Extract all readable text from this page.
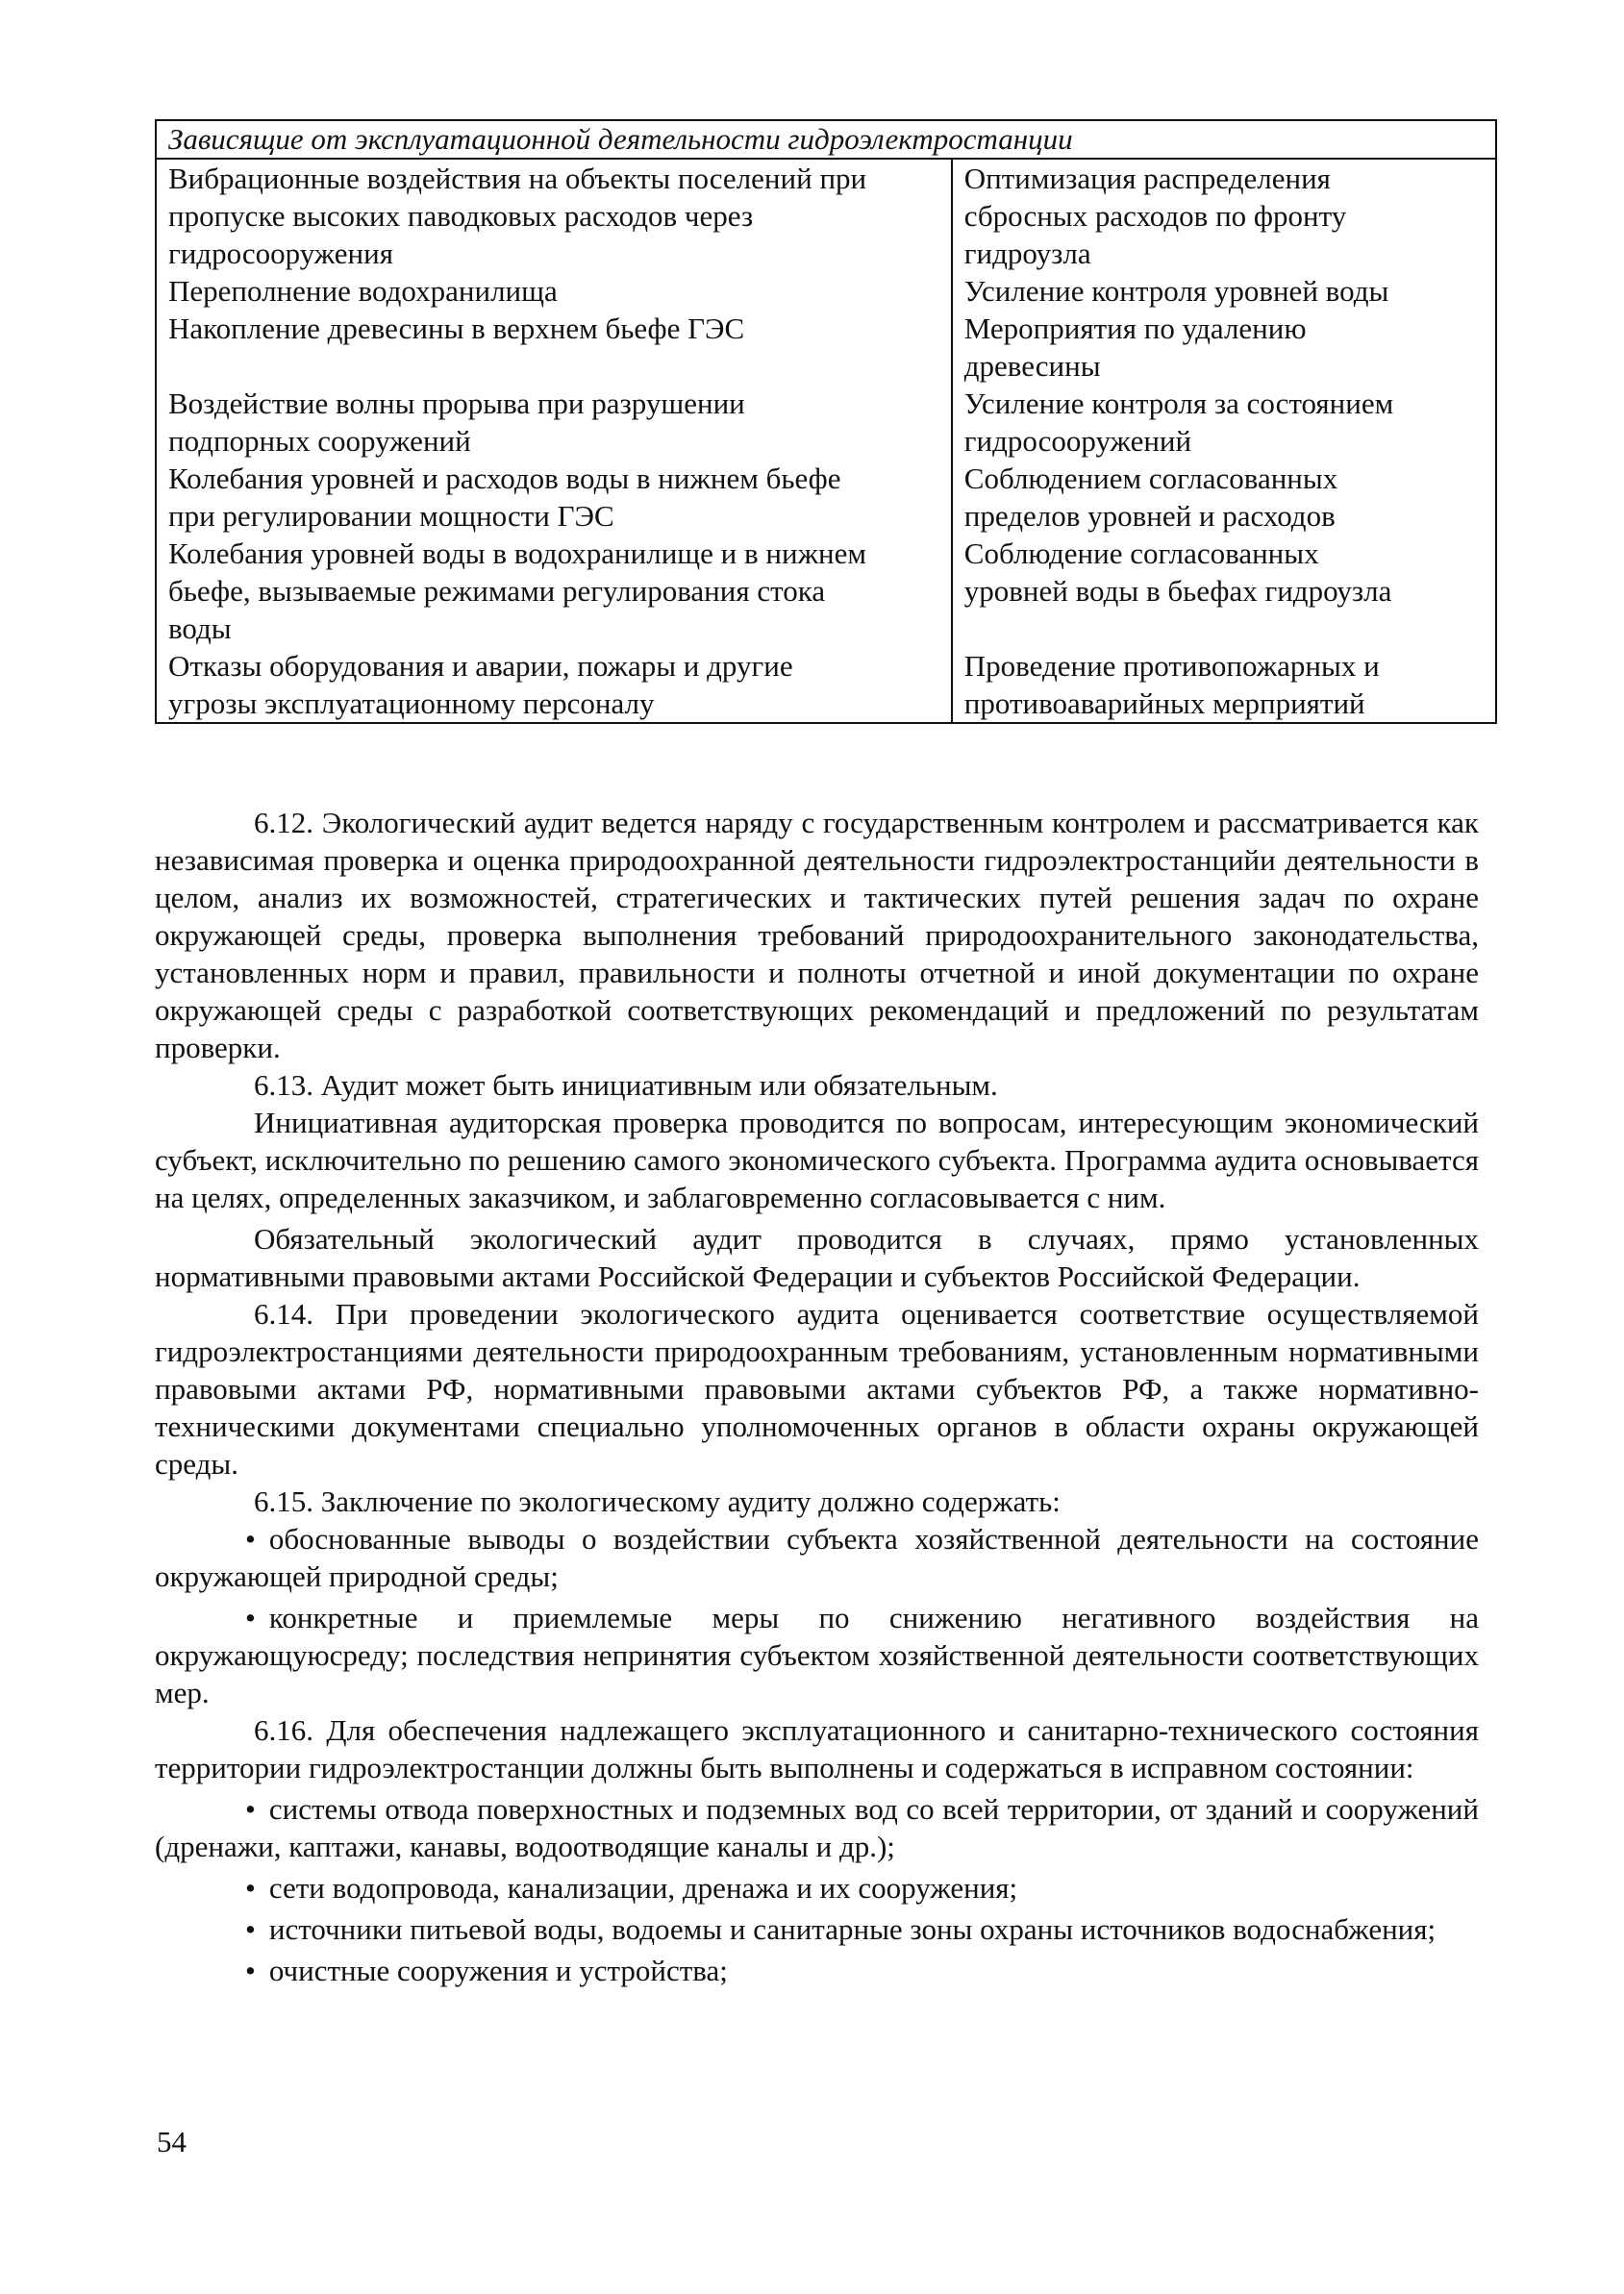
Зависящие от эксплуатационной деятельности гидроэлектростанции	

Вибрационные воздействия на объекты поселений при
пропуске высоких паводковых расходов через
гидросооружения	Оптимизация распределения
сбросных расходов по фронту
гидроузла

Переполнение водохранилища	Усиление контроля уровней воды

Накопление древесины в верхнем бьефе ГЭС	Мероприятия по удалению
древесины

Воздействие волны прорыва при разрушении
подпорных сооружений	Усиление контроля за состоянием
гидросооружений

Колебания уровней и расходов воды в нижнем бьефе
при регулировании мощности ГЭС	Соблюдением согласованных
пределов уровней и расходов

Колебания уровней воды в водохранилище и в нижнем
бьефе, вызываемые режимами регулирования стока
воды	Соблюдение согласованных
уровней воды в бьефах гидроузла

Отказы оборудования и аварии, пожары и другие
угрозы эксплуатационному персоналу	Проведение противопожарных и
противоаварийных мерприятий

6.12. Экологический аудит ведется наряду с государственным контролем и рассматривается как независимая проверка и оценка природоохранной деятельности гидроэлектростанцийи деятельности в целом, анализ их возможностей, стратегических и тактических путей решения задач по охране окружающей среды, проверка выполнения требований природоохранительного законодательства, установленных норм и правил, правильности и полноты отчетной и иной документации по охране окружающей среды с разработкой соответствующих рекомендаций и предложений по результатам проверки.

6.13. Аудит может быть инициативным или обязательным.

Инициативная аудиторская проверка проводится по вопросам, интересующим экономический субъект, исключительно по решению самого экономического субъекта. Программа аудита основывается на целях, определенных заказчиком, и заблаговременно согласовывается с ним.

Обязательный экологический аудит проводится в случаях, прямо установленных нормативными правовыми актами Российской Федерации и субъектов Российской Федерации.

6.14. При проведении экологического аудита оценивается соответствие осуществляемой гидроэлектростанциями деятельности природоохранным требованиям, установленным нормативными правовыми актами РФ, нормативными правовыми актами субъектов РФ, а также нормативно-техническими документами специально уполномоченных органов в области охраны окружающей среды.

6.15. Заключение по экологическому аудиту должно содержать:

• обоснованные выводы о воздействии субъекта хозяйственной деятельности на состояние окружающей природной среды;

• конкретные и приемлемые меры по снижению негативного воздействия на окружающуюсреду; последствия непринятия субъектом хозяйственной деятельности соответствующих мер.

6.16. Для обеспечения надлежащего эксплуатационного и санитарно-технического состояния территории гидроэлектростанции должны быть выполнены и содержаться в исправном состоянии:

• системы отвода поверхностных и подземных вод со всей территории, от зданий и сооружений (дренажи, каптажи, канавы, водоотводящие каналы и др.);

• сети водопровода, канализации, дренажа и их сооружения;

• источники питьевой воды, водоемы и санитарные зоны охраны источников водоснабжения;

• очистные сооружения и устройства;

54
